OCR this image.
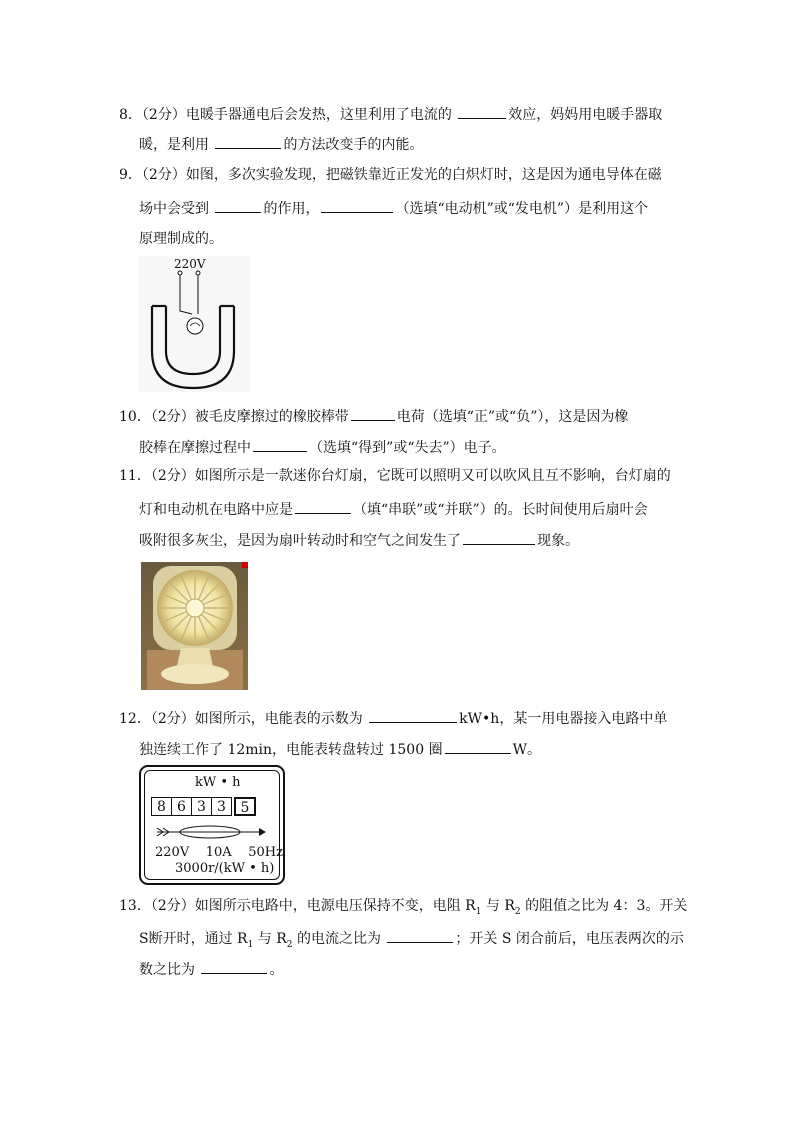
8．（2分）电暖手器通电后会发热，这里利用了电流的	效应，妈妈用电暖手器取
暖，是利用	的方法改变手的内能。
9．（2分）如图，多次实验发现，把磁铁靠近正发光的白炽灯时，这是因为通电导体在磁
场中会受到	的作用，	（选填“电动机”或“发电机”）是利用这个
原理制成的。
220V
10．（2分）被毛皮摩擦过的橡胶棒带	电荷（选填“正”或“负”），这是因为橡
胶棒在摩擦过程中	（选填“得到”或“失去”）电子。
11．（2分）如图所示是一款迷你台灯扇，它既可以照明又可以吹风且互不影响，台灯扇的
灯和电动机在电路中应是	（填“串联”或“并联”）的。长时间使用后扇叶会
吸附很多灰尘，是因为扇叶转动时和空气之间发生了	现象。
12．（2分）如图所示，电能表的示数为	kW•h，某一用电器接入电路中单
独连续工作了 12min，电能表转盘转过 1500 圈	W。
kW • h
8 6 3 3	5
220V    10A    50Hz
3000r/(kW • h)
13．（2分）如图所示电路中，电源电压保持不变，电阻 $R_1$ 与 $R_2$ 的阻值之比为 4：3。开关
S断开时，通过 $R_1$ 与 $R_2$ 的电流之比为	；开关 S 闭合前后，电压表两次的示
数之比为	。
